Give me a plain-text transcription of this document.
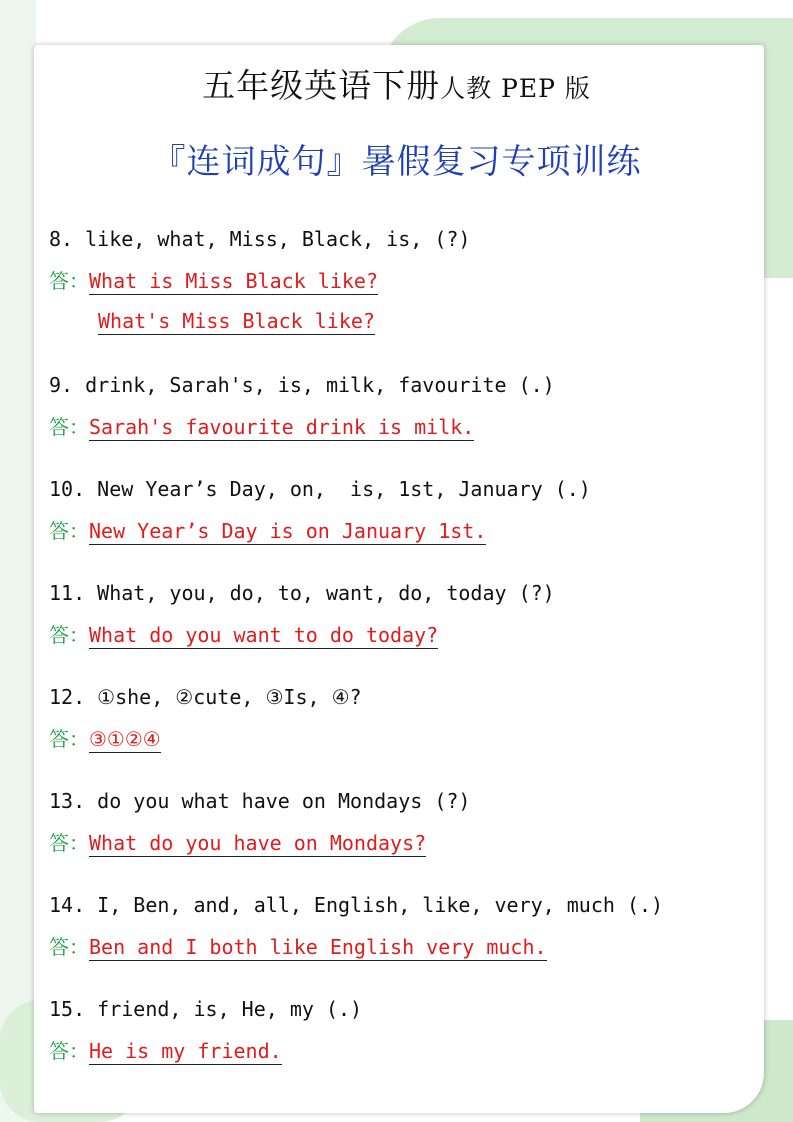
五年级英语下册人教 PEP 版
『连词成句』暑假复习专项训练
8. like, what, Miss, Black, is, (?)
答：What is Miss Black like?
What's Miss Black like?
9. drink, Sarah's, is, milk, favourite (.)
答：Sarah's favourite drink is milk.
10. New Year’s Day, on,  is, 1st, January (.)
答：New Year’s Day is on January 1st.
11. What, you, do, to, want, do, today (?)
答：What do you want to do today?
12. ①she, ②cute, ③Is, ④?
答：③①②④
13. do you what have on Mondays (?)
答：What do you have on Mondays?
14. I, Ben, and, all, English, like, very, much (.)
答：Ben and I both like English very much.
15. friend, is, He, my (.)
答：He is my friend.
